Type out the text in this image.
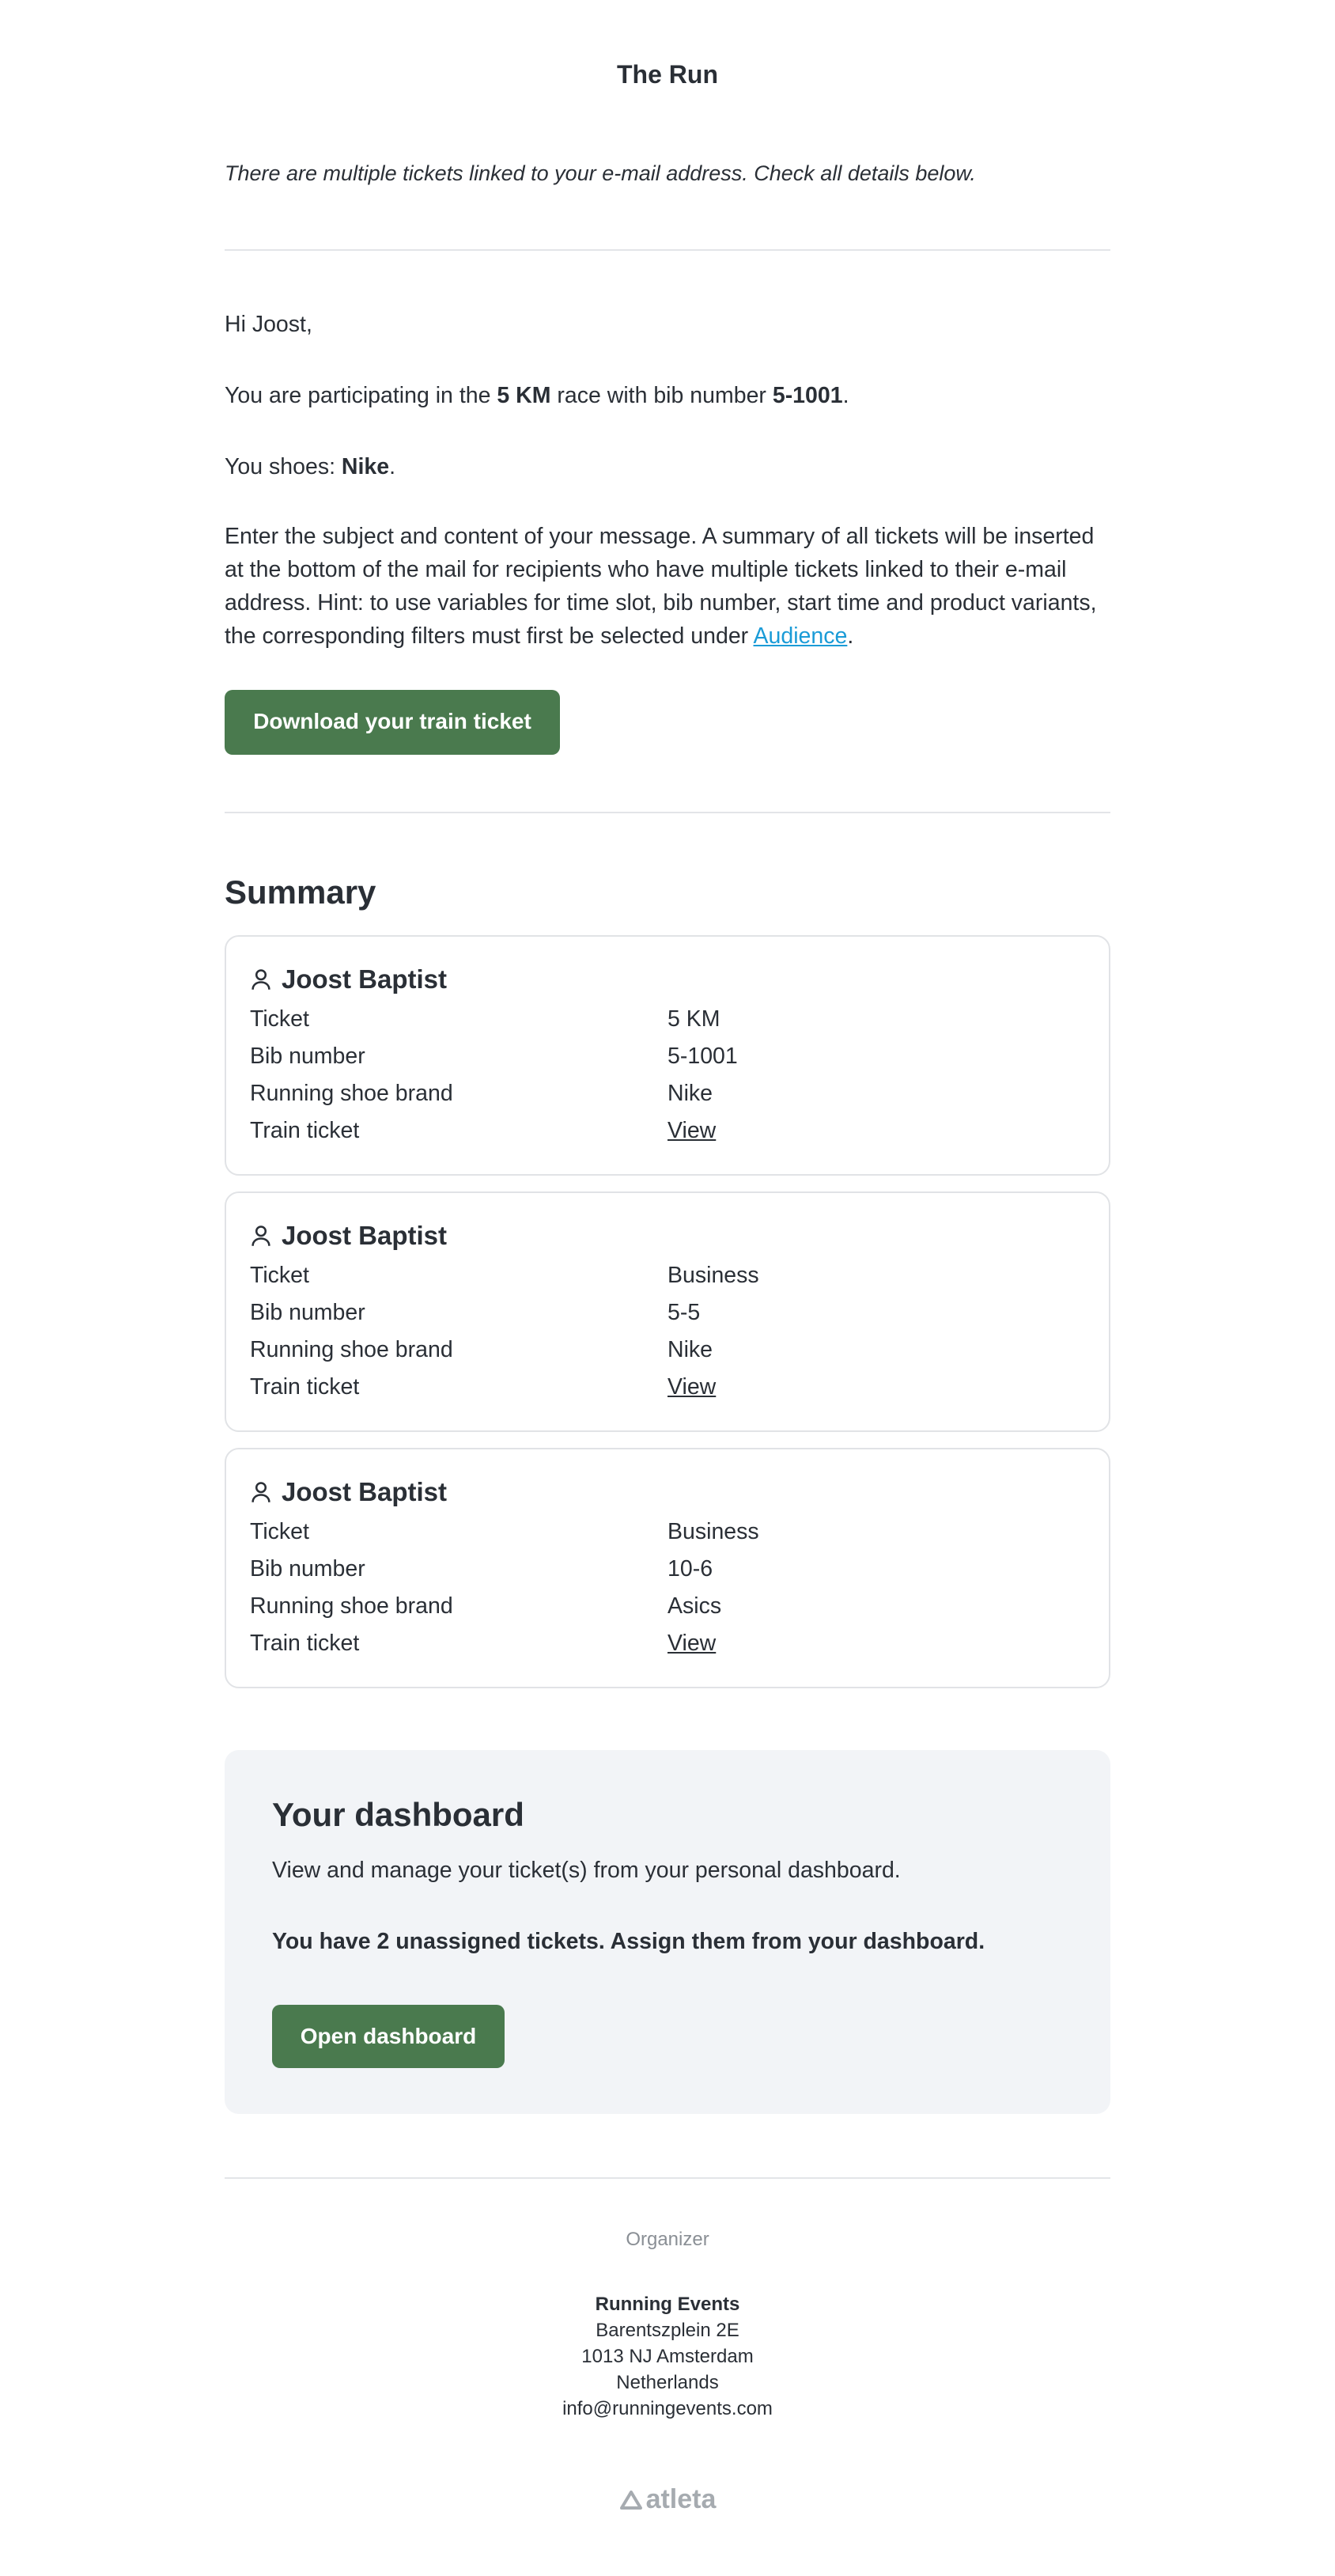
The Run
There are multiple tickets linked to your e-mail address. Check all details below.
Hi Joost,
You are participating in the 5 KM race with bib number 5-1001.
You shoes: Nike.
Enter the subject and content of your message. A summary of all tickets will be inserted at the bottom of the mail for recipients who have multiple tickets linked to their e-mail address. Hint: to use variables for time slot, bib number, start time and product variants, the corresponding filters must first be selected under Audience.
Download your train ticket
Summary
Joost Baptist
Ticket	5 KM
Bib number	5-1001
Running shoe brand	Nike
Train ticket	View
Joost Baptist
Ticket	Business
Bib number	5-5
Running shoe brand	Nike
Train ticket	View
Joost Baptist
Ticket	Business
Bib number	10-6
Running shoe brand	Asics
Train ticket	View
Your dashboard
View and manage your ticket(s) from your personal dashboard.
You have 2 unassigned tickets. Assign them from your dashboard.
Open dashboard
Organizer
Running Events
Barentszplein 2E
1013 NJ Amsterdam
Netherlands
info@runningevents.com
atleta
